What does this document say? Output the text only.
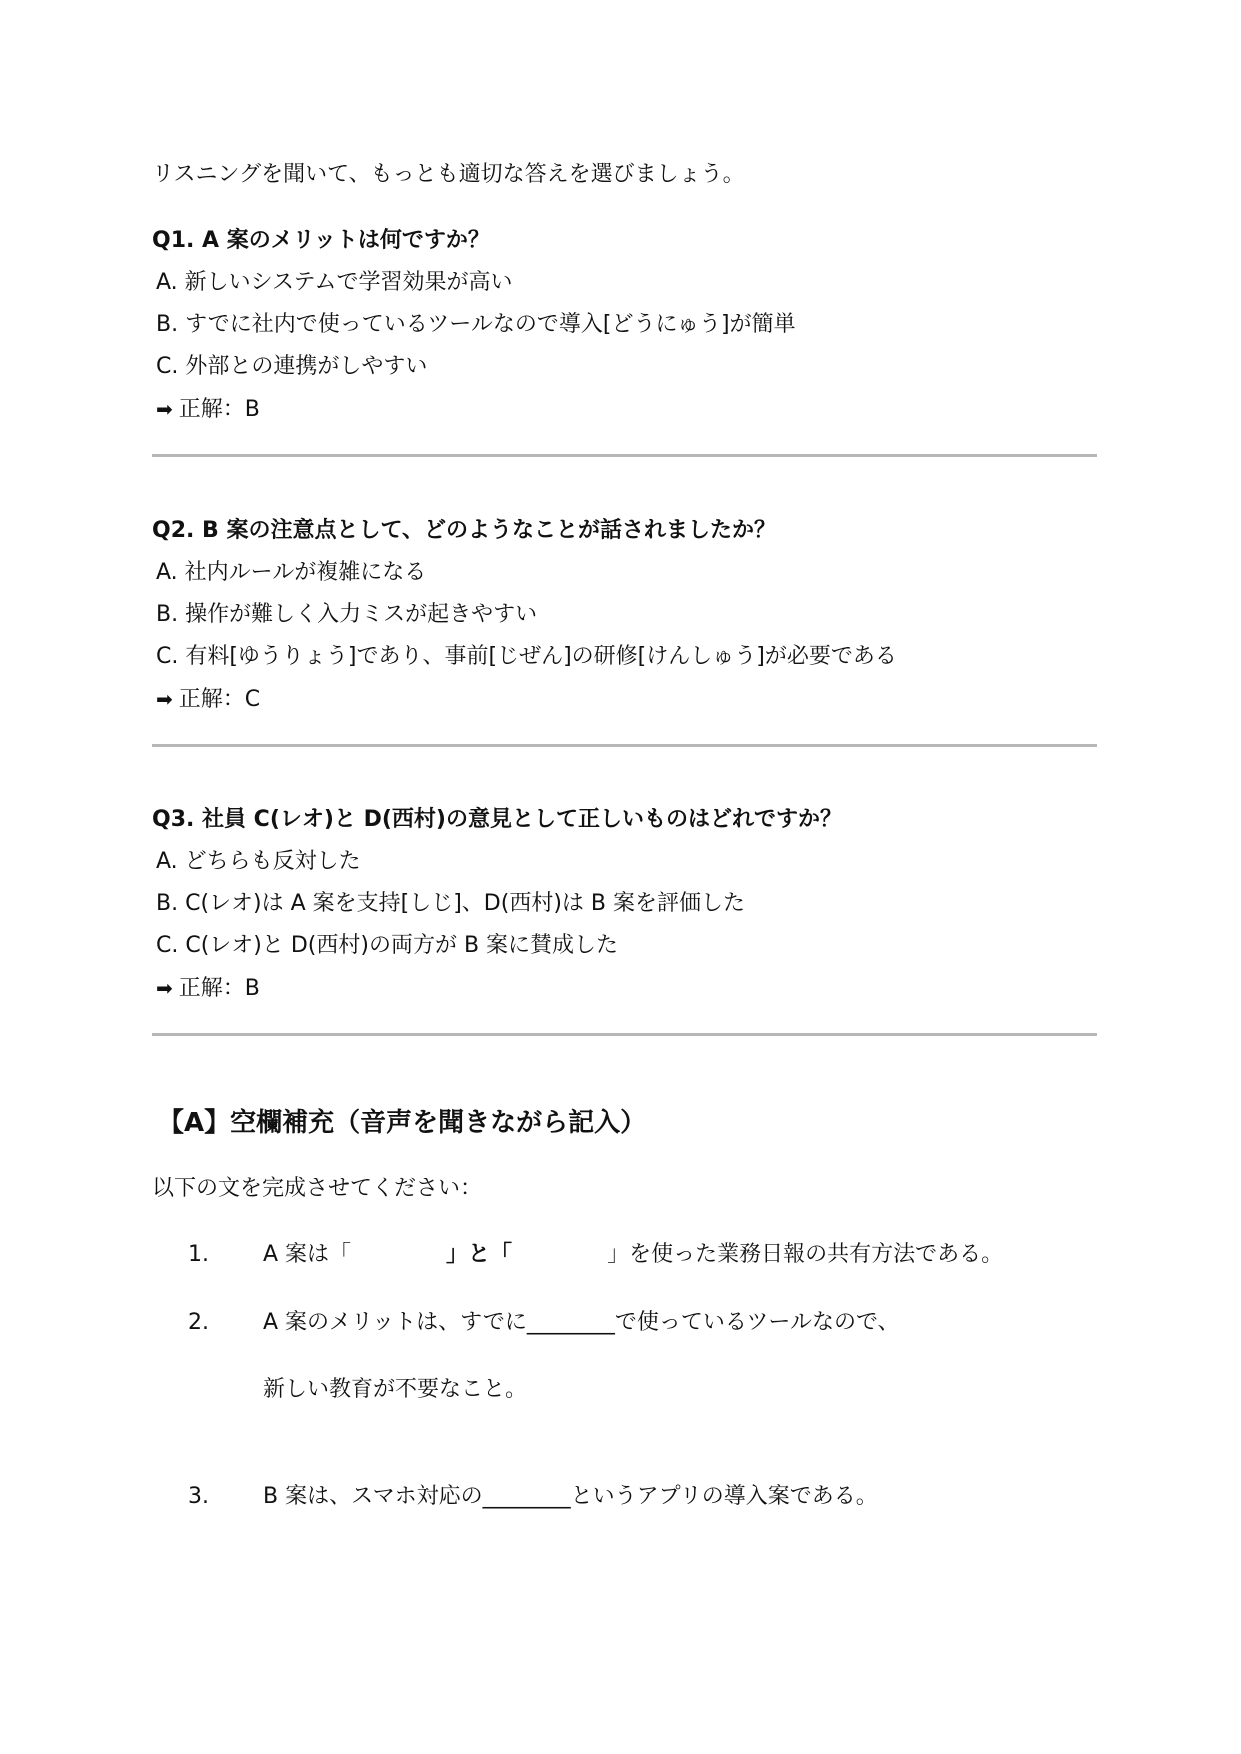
リスニングを聞いて、もっとも適切な答えを選びましょう。
Q1. A 案のメリットは何ですか？
A. 新しいシステムで学習効果が高い
B. すでに社内で使っているツールなので導入[どうにゅう]が簡単
C. 外部との連携がしやすい
➡ 正解：B
Q2. B 案の注意点として、どのようなことが話されましたか？
A. 社内ルールが複雑になる
B. 操作が難しく入力ミスが起きやすい
C. 有料[ゆうりょう]であり、事前[じぜん]の研修[けんしゅう]が必要である
➡ 正解：C
Q3. 社員 C(レオ)と D(西村)の意見として正しいものはどれですか？
A. どちらも反対した
B. C(レオ)は A 案を支持[しじ]、D(西村)は B 案を評価した
C. C(レオ)と D(西村)の両方が B 案に賛成した
➡ 正解：B
【A】空欄補充（音声を聞きながら記入）
以下の文を完成させてください：
1. A 案は「	」と「	」を使った業務日報の共有方法である。
2. A 案のメリットは、すでに________で使っているツールなので、
新しい教育が不要なこと。
3. B 案は、スマホ対応の________というアプリの導入案である。
